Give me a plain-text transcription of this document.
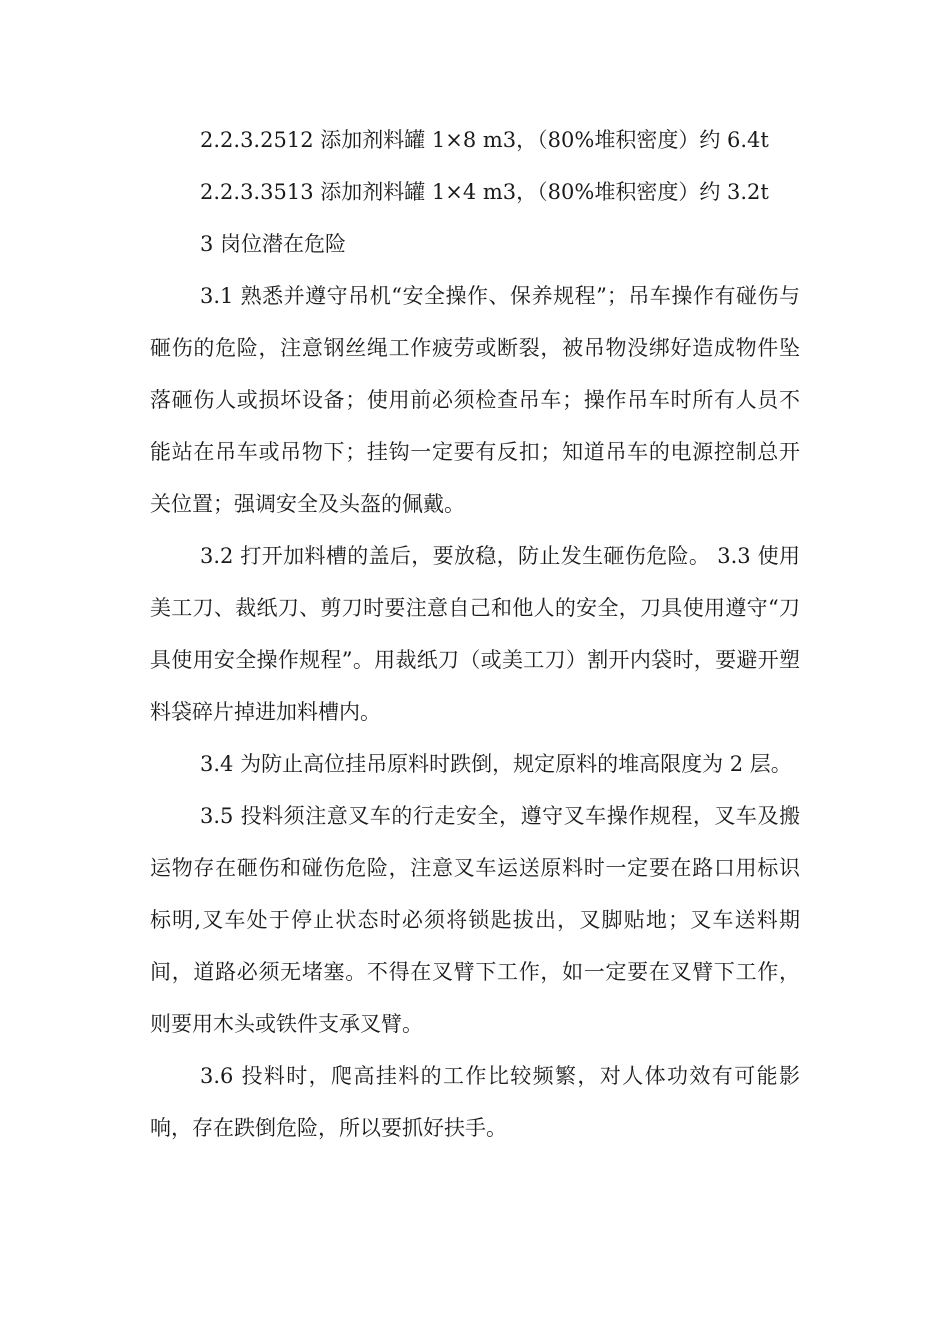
2.2.3.2512 添加剂料罐 1×8 m3，（80%堆积密度）约 6.4t

2.2.3.3513 添加剂料罐 1×4 m3，（80%堆积密度）约 3.2t

3 岗位潜在危险

3.1 熟悉并遵守吊机“安全操作、保养规程”；吊车操作有碰伤与砸伤的危险，注意钢丝绳工作疲劳或断裂，被吊物没绑好造成物件坠落砸伤人或损坏设备；使用前必须检查吊车；操作吊车时所有人员不能站在吊车或吊物下；挂钩一定要有反扣；知道吊车的电源控制总开关位置；强调安全及头盔的佩戴。

3.2 打开加料槽的盖后，要放稳，防止发生砸伤危险。 3.3 使用美工刀、裁纸刀、剪刀时要注意自己和他人的安全，刀具使用遵守“刀具使用安全操作规程”。用裁纸刀（或美工刀）割开内袋时，要避开塑料袋碎片掉进加料槽内。

3.4 为防止高位挂吊原料时跌倒，规定原料的堆高限度为 2 层。

3.5 投料须注意叉车的行走安全，遵守叉车操作规程，叉车及搬运物存在砸伤和碰伤危险，注意叉车运送原料时一定要在路口用标识标明,叉车处于停止状态时必须将锁匙拔出，叉脚贴地；叉车送料期间，道路必须无堵塞。不得在叉臂下工作，如一定要在叉臂下工作，则要用木头或铁件支承叉臂。

3.6 投料时，爬高挂料的工作比较频繁，对人体功效有可能影响，存在跌倒危险，所以要抓好扶手。
